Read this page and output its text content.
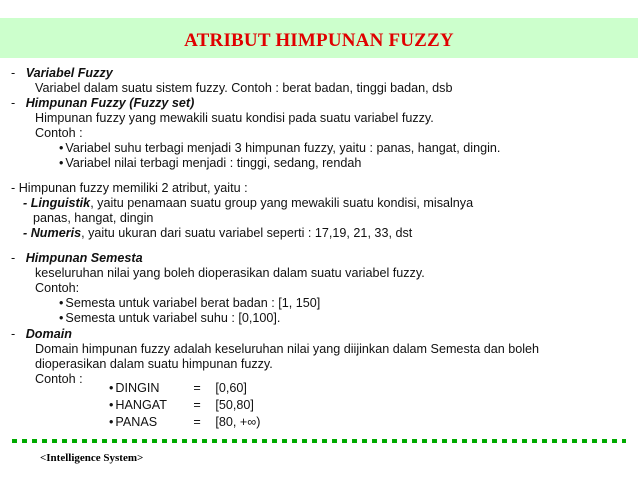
ATRIBUT HIMPUNAN FUZZY
- Variabel Fuzzy
Variabel dalam suatu sistem fuzzy. Contoh : berat badan, tinggi badan, dsb
- Himpunan Fuzzy (Fuzzy set)
Himpunan fuzzy yang mewakili suatu kondisi pada suatu variabel fuzzy.
Contoh :
• Variabel suhu terbagi menjadi 3 himpunan fuzzy, yaitu : panas, hangat, dingin.
• Variabel nilai terbagi menjadi : tinggi, sedang, rendah
- Himpunan fuzzy memiliki 2 atribut, yaitu :
- Linguistik, yaitu penamaan suatu group yang mewakili suatu kondisi, misalnya
panas, hangat, dingin
- Numeris, yaitu ukuran dari suatu variabel seperti : 17,19, 21, 33, dst
- Himpunan Semesta
keseluruhan nilai yang boleh dioperasikan dalam suatu variabel fuzzy.
Contoh:
• Semesta untuk variabel berat badan : [1, 150]
• Semesta untuk variabel suhu : [0,100].
- Domain
Domain himpunan fuzzy adalah keseluruhan nilai yang diijinkan dalam Semesta dan boleh
dioperasikan dalam suatu himpunan fuzzy.
Contoh :
• DINGIN	= [0,60]
• HANGAT = [50,80]
• PANAS	= [80, +∞)
<Intelligence System>
